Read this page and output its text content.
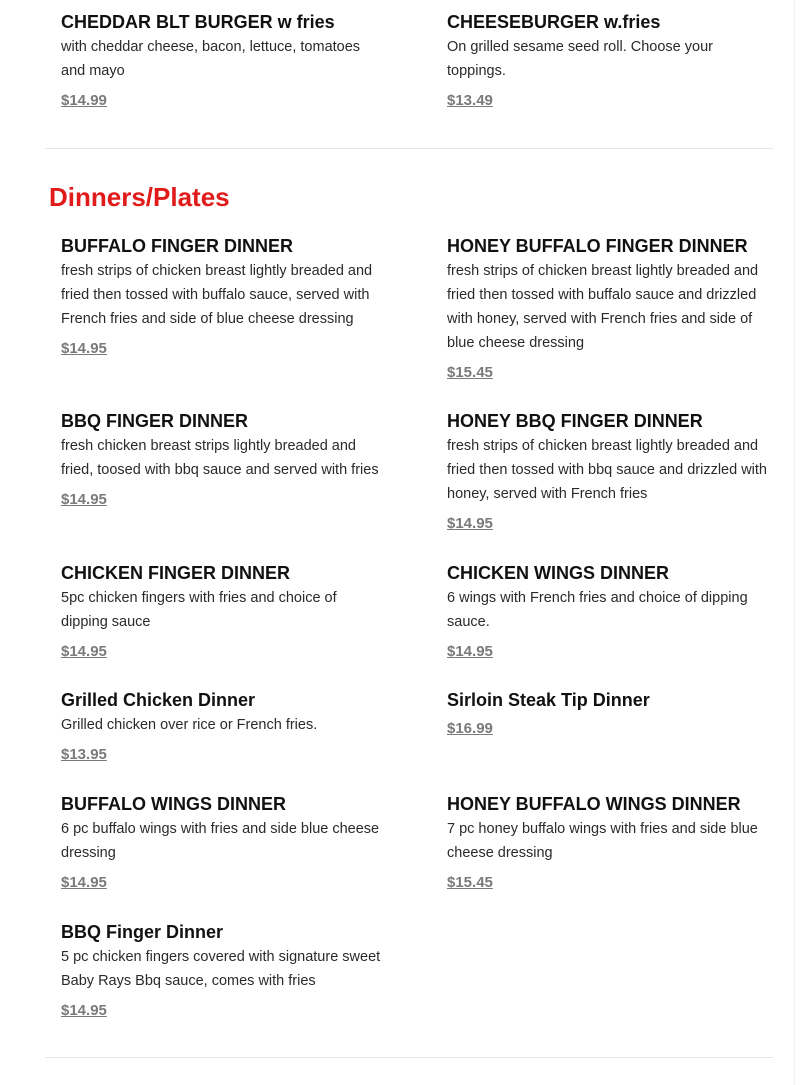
CHEDDAR BLT BURGER w fries

with cheddar cheese, bacon, lettuce, tomatoes and mayo

$14.99
CHEESEBURGER w.fries

On grilled sesame seed roll. Choose your toppings.

$13.49
Dinners/Plates
BUFFALO FINGER DINNER

fresh strips of chicken breast lightly breaded and fried then tossed with buffalo sauce, served with French fries and side of blue cheese dressing

$14.95
HONEY BUFFALO FINGER DINNER

fresh strips of chicken breast lightly breaded and fried then tossed with buffalo sauce and drizzled with honey, served with French fries and side of blue cheese dressing

$15.45
BBQ FINGER DINNER

fresh chicken breast strips lightly breaded and fried, toosed with bbq sauce and served with fries

$14.95
HONEY BBQ FINGER DINNER

fresh strips of chicken breast lightly breaded and fried then tossed with bbq sauce and drizzled with honey, served with French fries

$14.95
CHICKEN FINGER DINNER

5pc chicken fingers with fries and choice of dipping sauce

$14.95
CHICKEN WINGS DINNER

6 wings with French fries and choice of dipping sauce.

$14.95
Grilled Chicken Dinner

Grilled chicken over rice or French fries.

$13.95
Sirloin Steak Tip Dinner
$16.99
BUFFALO WINGS DINNER

6 pc buffalo wings with fries and side blue cheese dressing

$14.95
HONEY BUFFALO WINGS DINNER

7 pc honey buffalo wings with fries and side blue cheese dressing

$15.45
BBQ Finger Dinner

5 pc chicken fingers covered with signature sweet Baby Rays Bbq sauce, comes with fries

$14.95
